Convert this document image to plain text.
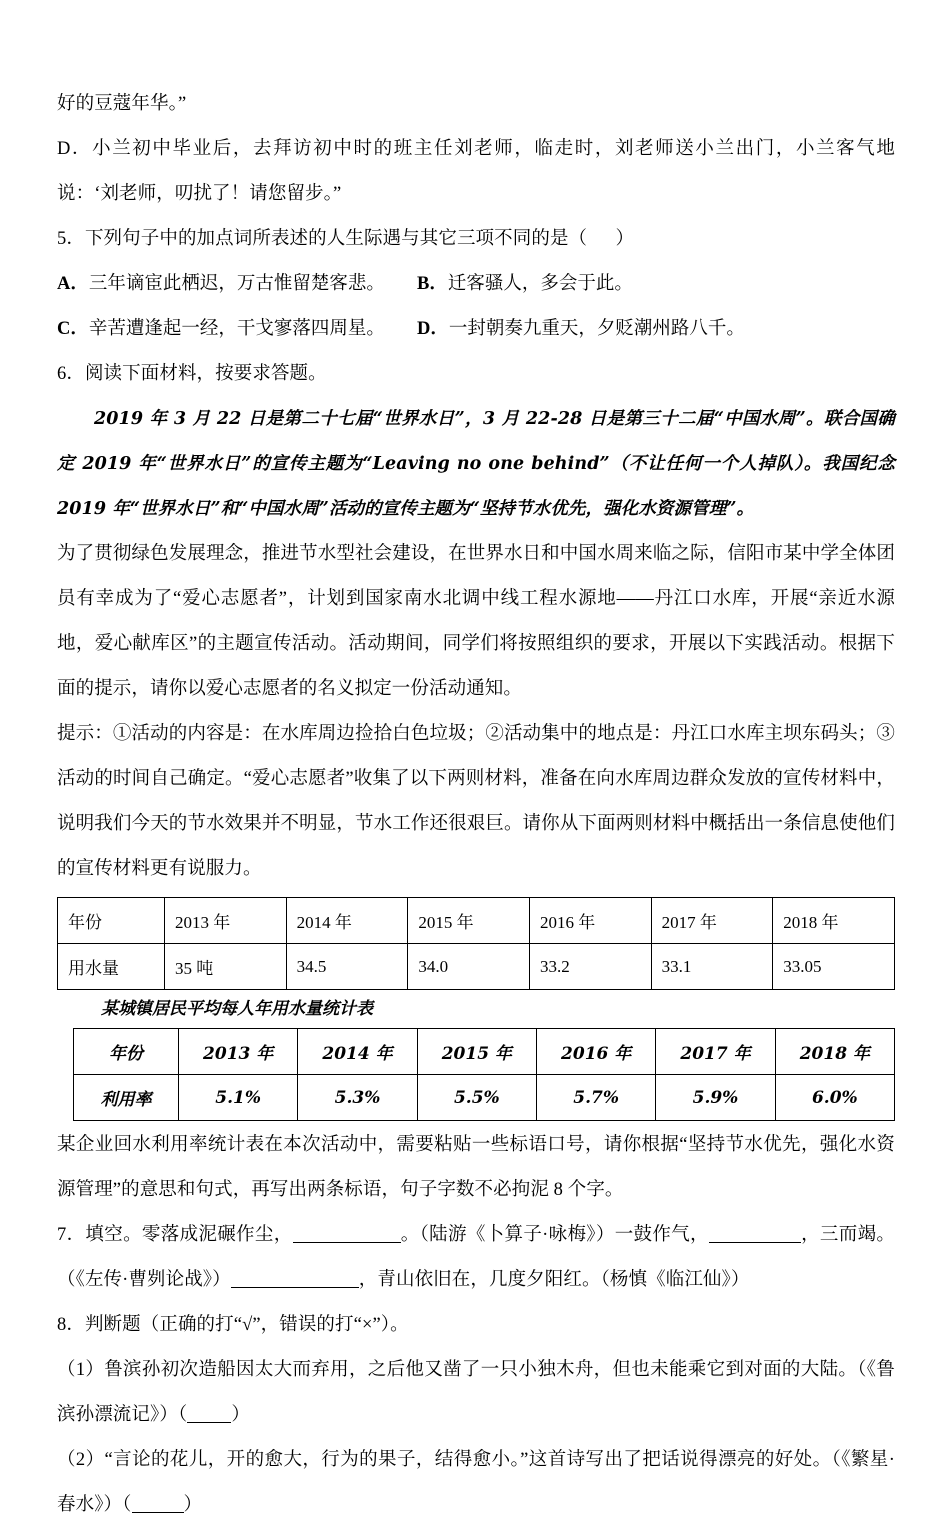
好的豆蔻年华。”

D．小兰初中毕业后，去拜访初中时的班主任刘老师，临走时，刘老师送小兰出门，小兰客气地说：‘刘老师，叨扰了！请您留步。”

5．下列句子中的加点词所表述的人生际遇与其它三项不同的是（      ）

A．三年谪宦此栖迟，万古惟留楚客悲。 B．迁客骚人，多会于此。
C．辛苦遭逢起一经，干戈寥落四周星。 D．一封朝奏九重天，夕贬潮州路八千。

6．阅读下面材料，按要求答题。

2019 年 3 月 22 日是第二十七届“世界水日”，3 月 22-28 日是第三十二届“中国水周”。联合国确定 2019 年“世界水日”的宣传主题为“Leaving no one behind”（不让任何一个人掉队）。我国纪念 2019 年“世界水日”和“中国水周”活动的宣传主题为“坚持节水优先，强化水资源管理”。

为了贯彻绿色发展理念，推进节水型社会建设，在世界水日和中国水周来临之际，信阳市某中学全体团员有幸成为了“爱心志愿者”，计划到国家南水北调中线工程水源地——丹江口水库，开展“亲近水源地，爱心献库区”的主题宣传活动。活动期间，同学们将按照组织的要求，开展以下实践活动。根据下面的提示，请你以爱心志愿者的名义拟定一份活动通知。

提示：①活动的内容是：在水库周边捡拾白色垃圾；②活动集中的地点是：丹江口水库主坝东码头；③活动的时间自己确定。“爱心志愿者”收集了以下两则材料，准备在向水库周边群众发放的宣传材料中，说明我们今天的节水效果并不明显，节水工作还很艰巨。请你从下面两则材料中概括出一条信息使他们的宣传材料更有说服力。

年份	2013 年	2014 年	2015 年	2016 年	2017 年	2018 年
用水量	35 吨	34.5	34.0	33.2	33.1	33.05
某城镇居民平均每人年用水量统计表
年份	2013 年	2014 年	2015 年	2016 年	2017 年	2018 年
利用率	5.1%	5.3%	5.5%	5.7%	5.9%	6.0%

某企业回水利用率统计表在本次活动中，需要粘贴一些标语口号，请你根据“坚持节水优先，强化水资源管理”的意思和句式，再写出两条标语，句子字数不必拘泥 8 个字。

7．填空。零落成泥碾作尘，	。（陆游《卜算子·咏梅》）一鼓作气，	，三而竭。 （《左传·曹刿论战》）	，青山依旧在，几度夕阳红。（杨慎《临江仙》）

8．判断题（正确的打“√”，错误的打“×”）。

（1）鲁滨孙初次造船因太大而弃用，之后他又凿了一只小独木舟，但也未能乘它到对面的大陆。（《鲁滨孙漂流记》）（ ）

（2）“言论的花儿，开的愈大，行为的果子，结得愈小。”这首诗写出了把话说得漂亮的好处。（《繁星·春水》）（	）
